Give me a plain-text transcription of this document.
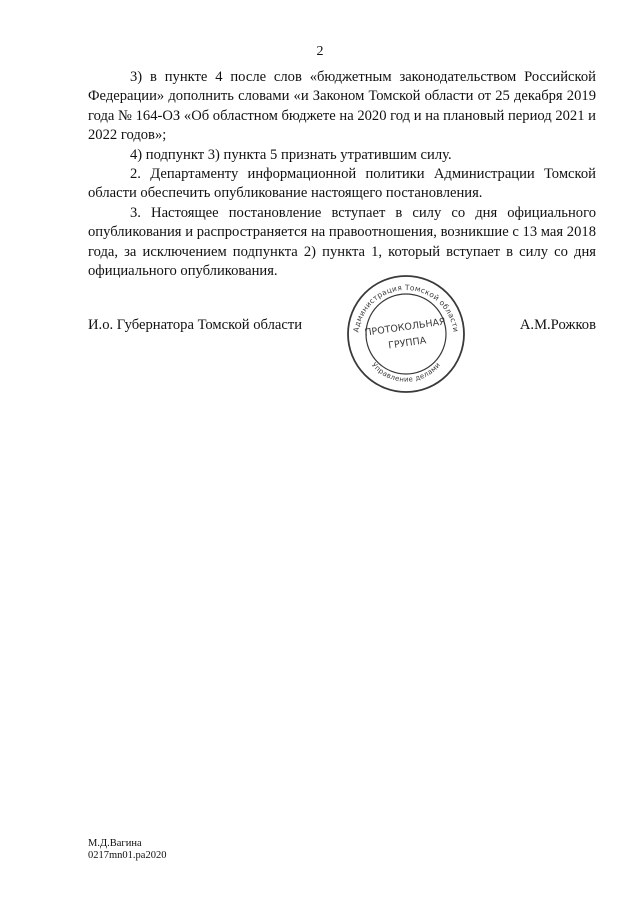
2

3) в пункте 4 после слов «бюджетным законодательством Российской Федерации» дополнить словами «и Законом Томской области от 25 декабря 2019 года № 164-ОЗ «Об областном бюджете на 2020 год и на плановый период 2021 и 2022 годов»;

4) подпункт 3) пункта 5 признать утратившим силу.

2. Департаменту информационной политики Администрации Томской области обеспечить опубликование настоящего постановления.

3. Настоящее постановление вступает в силу со дня официального опубликования и распространяется на правоотношения, возникшие с 13 мая 2018 года, за исключением подпункта 2) пункта 1, который вступает в силу со дня официального опубликования.

Администрация Томской области
Управление делами
ПРОТОКОЛЬНАЯ
ГРУППА
И.о. Губернатора Томской области	А.М.Рожков
М.Д.Вагина
0217mn01.pa2020
